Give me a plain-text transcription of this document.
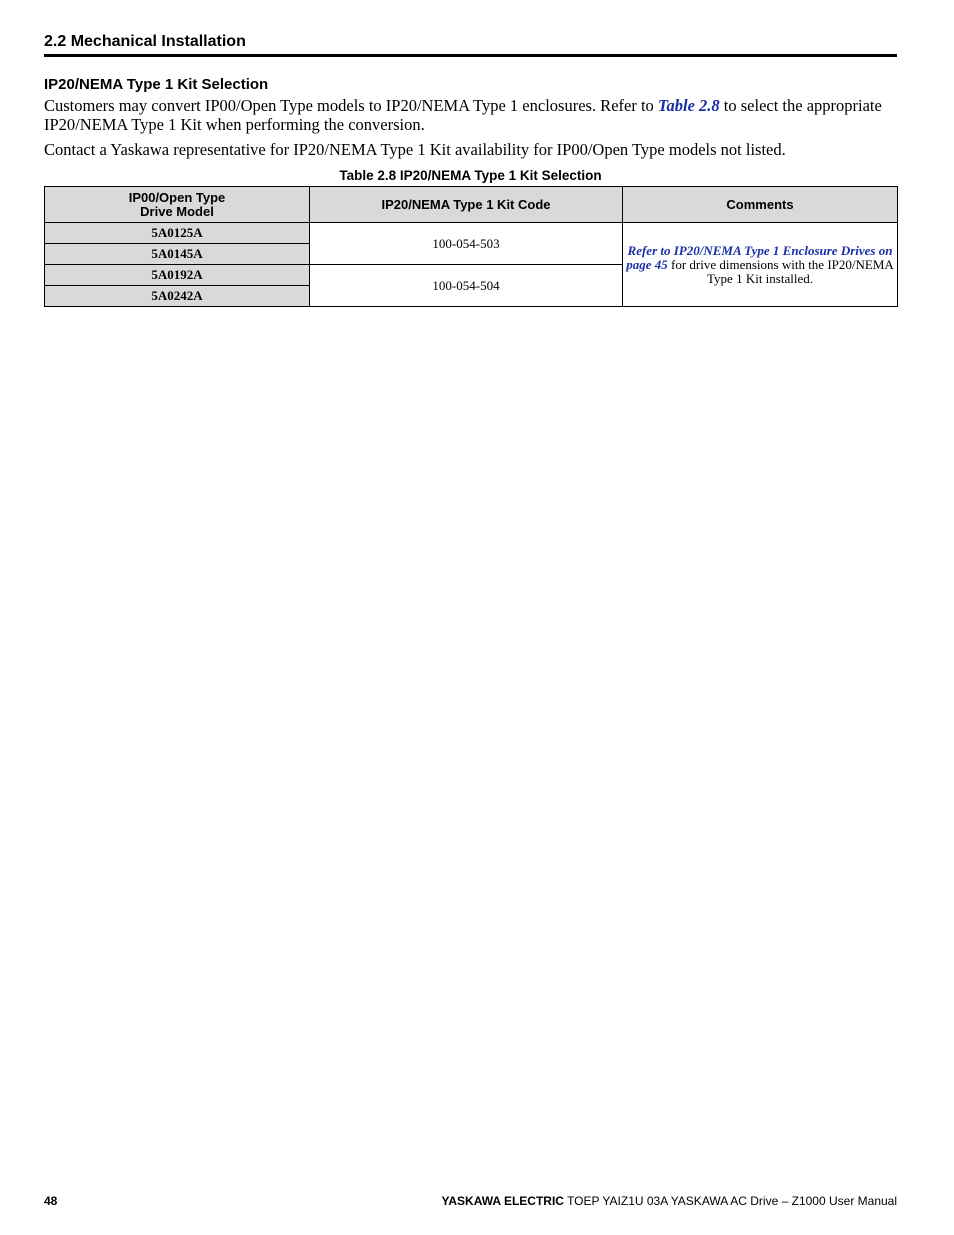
2.2 Mechanical Installation
IP20/NEMA Type 1 Kit Selection
Customers may convert IP00/Open Type models to IP20/NEMA Type 1 enclosures. Refer to Table 2.8 to select the appropriate IP20/NEMA Type 1 Kit when performing the conversion.
Contact a Yaskawa representative for IP20/NEMA Type 1 Kit availability for IP00/Open Type models not listed.
Table 2.8 IP20/NEMA Type 1 Kit Selection
IP00/Open Type
Drive Model	IP20/NEMA Type 1 Kit Code	Comments
5A0125A	100-054-503	Refer to IP20/NEMA Type 1 Enclosure Drives on page 45 for drive dimensions with the IP20/NEMA Type 1 Kit installed.
5A0145A		
5A0192A	100-054-504	
5A0242A		
48	YASKAWA ELECTRIC TOEP YAIZ1U 03A YASKAWA AC Drive – Z1000 User Manual
